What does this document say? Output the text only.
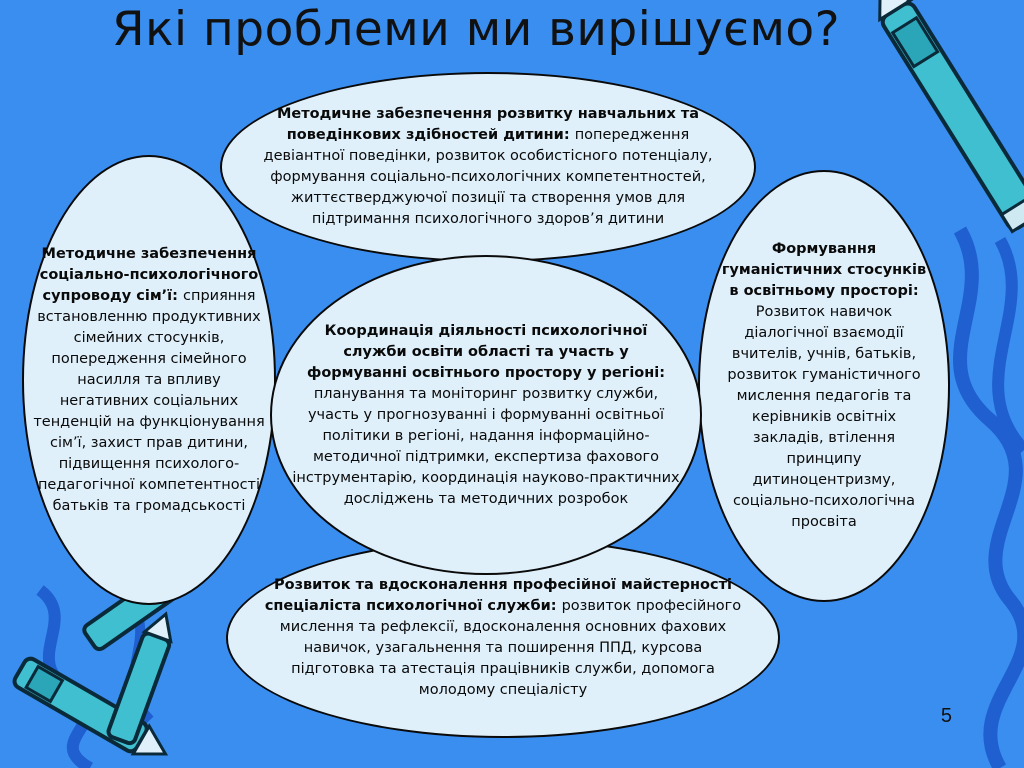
Які проблеми ми вирішуємо?
Методичне забезпечення соціально-психологічного супроводу сім’ї: сприяння встановленню продуктивних сімейних стосунків, попередження сімейного насилля та впливу негативних соціальних тенденцій на функціонування сім’ї, захист прав дитини, підвищення психолого-педагогічної компетентності батьків та громадськості
Формування гуманістичних стосунків в освітньому просторі: Розвиток навичок діалогічної взаємодії вчителів, учнів, батьків, розвиток гуманістичного мислення педагогів та керівників освітніх закладів, втілення принципу дитиноцентризму, соціально-психологічна просвіта
Методичне забезпечення розвитку навчальних та поведінкових здібностей дитини: попередження девіантної поведінки, розвиток особистісного потенціалу, формування соціально-психологічних компетентностей, життєстверджуючої позиції та створення умов для підтримання психологічного здоров’я дитини
Розвиток та вдосконалення професійної майстерності спеціаліста психологічної служби: розвиток професійного мислення та рефлексії, вдосконалення основних фахових навичок, узагальнення та поширення ППД, курсова підготовка та атестація працівників служби, допомога молодому спеціалісту
Координація діяльності психологічної служби освіти області та участь у формуванні освітнього простору у регіоні: планування та моніторинг розвитку служби, участь у прогнозуванні і формуванні освітньої політики в регіоні, надання інформаційно-методичної підтримки, експертиза фахового інструментарію, координація науково-практичних досліджень та методичних розробок
5
